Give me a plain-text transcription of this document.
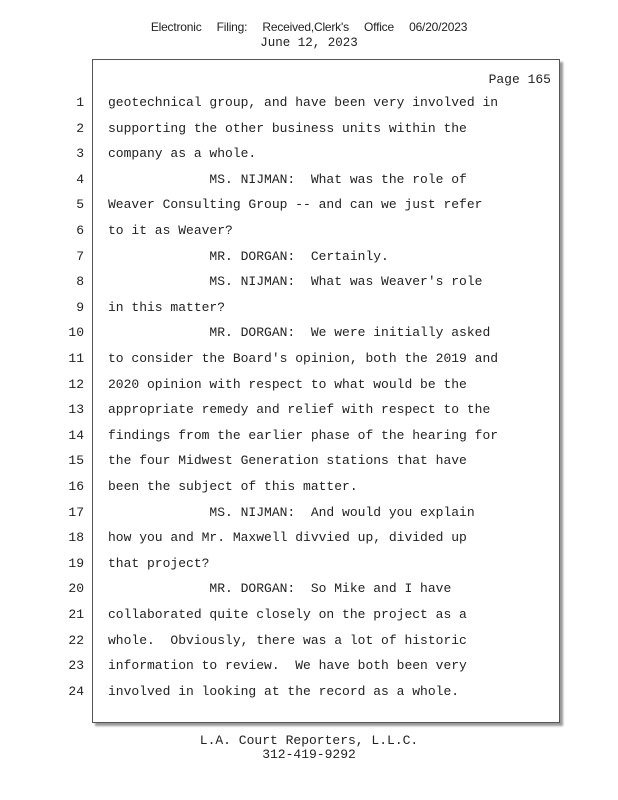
Electronic Filing: Received,Clerk's Office 06/20/2023
June 12, 2023
Page 165
1 geotechnical group, and have been very involved in
2 supporting the other business units within the
3 company as a whole.
4 MS. NIJMAN:  What was the role of
5 Weaver Consulting Group -- and can we just refer
6 to it as Weaver?
7 MR. DORGAN:  Certainly.
8 MS. NIJMAN:  What was Weaver's role
9 in this matter?
10 MR. DORGAN:  We were initially asked
11 to consider the Board's opinion, both the 2019 and
12 2020 opinion with respect to what would be the
13 appropriate remedy and relief with respect to the
14 findings from the earlier phase of the hearing for
15 the four Midwest Generation stations that have
16 been the subject of this matter.
17 MS. NIJMAN:  And would you explain
18 how you and Mr. Maxwell divvied up, divided up
19 that project?
20 MR. DORGAN:  So Mike and I have
21 collaborated quite closely on the project as a
22 whole.  Obviously, there was a lot of historic
23 information to review.  We have both been very
24 involved in looking at the record as a whole.
L.A. Court Reporters, L.L.C.
312-419-9292
